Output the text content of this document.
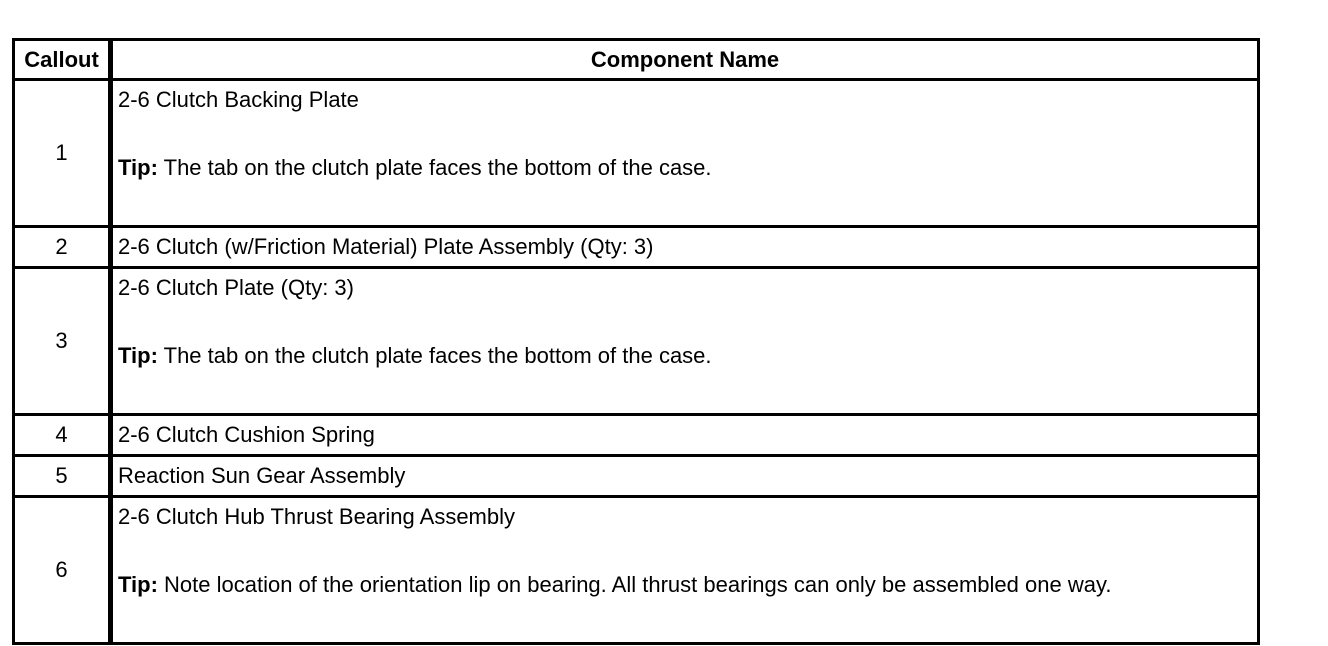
Callout	Component Name
1	2-6 Clutch Backing Plate
Tip: The tab on the clutch plate faces the bottom of the case.

2	2-6 Clutch (w/Friction Material) Plate Assembly (Qty: 3)
3	2-6 Clutch Plate (Qty: 3)
Tip: The tab on the clutch plate faces the bottom of the case.

4	2-6 Clutch Cushion Spring
5	Reaction Sun Gear Assembly
6	2-6 Clutch Hub Thrust Bearing Assembly
Tip: Note location of the orientation lip on bearing. All thrust bearings can only be assembled one way.
